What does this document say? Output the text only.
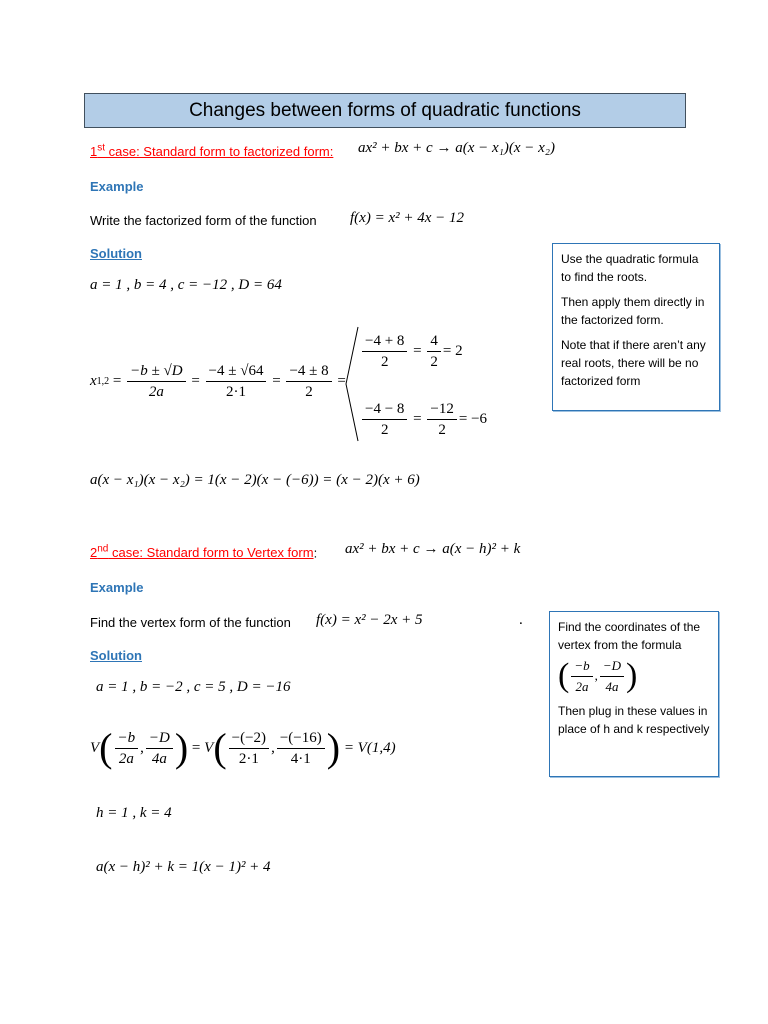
Changes between forms of quadratic functions
1st case: Standard form to factorized form: ax² + bx + c → a(x − x₁)(x − x₂)
Example
Write the factorized form of the function f(x) = x² + 4x − 12
Solution
a = 1 , b = 4 , c = −12 , D = 64
x $1,2 = \frac{-b \pm √D}{2a} = \frac{-4 \pm √64}{2\cdot 1} = \frac{-4 \pm 8}{2}$ =
$\frac{-4 + 8}{2} = \frac{4}{2} = 2$
$\frac{-4 - 8}{2} = \frac{-12}{2} = -6$
a(x − x₁)(x − x₂) = 1(x − 2)(x − (−6)) = (x − 2)(x + 6)

Use the quadratic formula to find the roots.

Then apply them directly in the factorized form.

Note that if there aren’t any real roots, there will be no factorized form

2nd case: Standard form to Vertex form: ax² + bx + c → a(x − h)² + k
Example
Find the vertex form of the function f(x) = x² − 2x + 5	.
Solution
a = 1 , b = −2 , c = 5 , D = −16
V ( $\frac{-b}{2a}$ , $\frac{-D}{4a}$ ) = V ( $\frac{-(-2)}{2\cdot 1}$ , $\frac{-(-16)}{4\cdot 1}$ )
= V(1,4)
h = 1 , k = 4
a(x − h)² + k = 1(x − 1)² + 4

Find the coordinates of the vertex from the formula

( $\frac{-b}{2a}$ , $\frac{-D}{4a}$ )

Then plug in these values in place of h and k respectively
